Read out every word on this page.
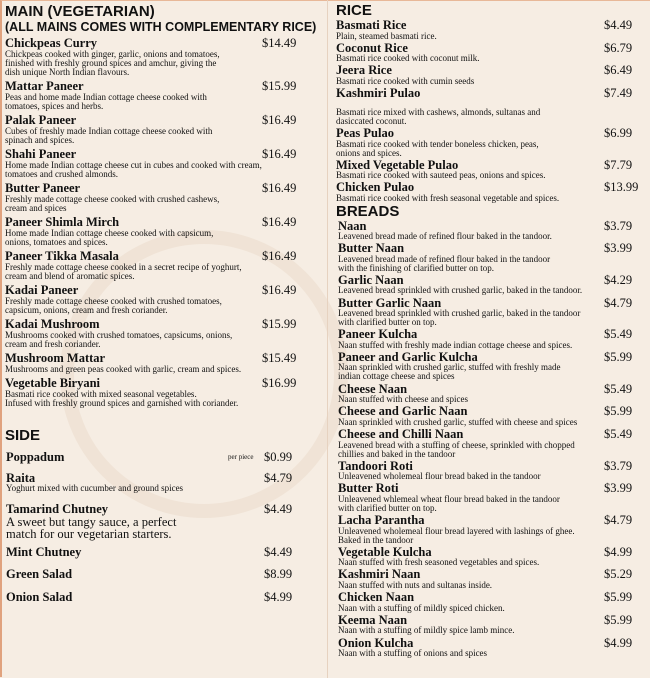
MAIN (VEGETARIAN)
(ALL MAINS COMES WITH COMPLEMENTARY RICE)
Chickpeas Curry
Chickpeas cooked with ginger, garlic, onions and tomatoes,
finished with freshly ground spices and amchur, giving the
dish unique North Indian flavours.
$14.49
Mattar Paneer
Peas and home made Indian cottage cheese cooked with
tomatoes, spices and herbs.
$15.99
Palak Paneer
Cubes of freshly made Indian cottage cheese cooked with
spinach and spices.
$16.49
Shahi Paneer
Home made Indian cottage cheese cut in cubes and cooked with cream,
tomatoes and crushed almonds.
$16.49
Butter Paneer
Freshly made cottage cheese cooked with crushed cashews,
cream and spices
$16.49
Paneer Shimla Mirch
Home made Indian cottage cheese cooked with capsicum,
onions, tomatoes and spices.
$16.49
Paneer Tikka Masala
Freshly made cottage cheese cooked in a secret recipe of yoghurt,
cream and blend of aromatic spices.
$16.49
Kadai Paneer
Freshly made cottage cheese cooked with crushed tomatoes,
capsicum, onions, cream and fresh coriander.
$16.49
Kadai Mushroom
Mushrooms cooked with crushed tomatoes, capsicums, onions,
cream and fresh coriander.
$15.99
Mushroom Mattar
Mushrooms and green peas cooked with garlic, cream and spices.
$15.49
Vegetable Biryani
Basmati rice cooked with mixed seasonal vegetables.
Infused with freshly ground spices and garnished with coriander.
$16.99
SIDE
Poppadum	$0.99
per piece
Raita
Yoghurt mixed with cucumber and ground spices
$4.79
Tamarind Chutney
A sweet but tangy sauce, a perfect
match for our vegetarian starters.
$4.49
Mint Chutney	$4.49
Green Salad	$8.99
Onion Salad	$4.99
RICE
Basmati Rice
Plain, steamed basmati rice.
$4.49
Coconut Rice
Basmati rice cooked with coconut milk.
$6.79
Jeera Rice
Basmati rice cooked with cumin seeds
$6.49
Kashmiri Pulao

Basmati rice mixed with cashews, almonds, sultanas and
dasiccated coconut.
$7.49
Peas Pulao
Basmati rice cooked with tender boneless chicken, peas,
onions and spices.
$6.99
Mixed Vegetable Pulao
Basmati rice cooked with sauteed peas, onions and spices.
$7.79
Chicken Pulao
Basmati rice cooked with fresh seasonal vegetable and spices.
$13.99
BREADS
Naan
Leavened bread made of refined flour baked in the tandoor.
$3.79
Butter Naan
Leavened bread made of refined flour baked in the tandoor
with the finishing of clarified butter on top.
$3.99
Garlic Naan
Leavened bread sprinkled with crushed garlic, baked in the tandoor.
$4.29
Butter Garlic Naan
Leavened bread sprinkled with crushed garlic, baked in the tandoor
with clarified butter on top.
$4.79
Paneer Kulcha
Naan stuffed with freshly made indian cottage cheese and spices.
$5.49
Paneer and Garlic Kulcha
Naan sprinkled with crushed garlic, stuffed with freshly made
indian cottage cheese and spices
$5.99
Cheese Naan
Naan stuffed with cheese and spices
$5.49
Cheese and Garlic Naan
Naan sprinkled with crushed garlic, stuffed with cheese and spices
$5.99
Cheese and Chilli Naan
Leavened bread with a stuffing of cheese, sprinkled with chopped
chillies and baked in the tandoor
$5.49
Tandoori Roti
Unleavened wholemeal flour bread baked in the tandoor
$3.79
Butter Roti
Unleavened whlemeal wheat flour bread baked in the tandoor
with clarified butter on top.
$3.99
Lacha Parantha
Unleavened wholemeal flour bread layered with lashings of ghee.
Baked in the tandoor
$4.79
Vegetable Kulcha
Naan stuffed with fresh seasoned vegetables and spices.
$4.99
Kashmiri Naan
Naan stuffed with nuts and sultanas inside.
$5.29
Chicken Naan
Naan with a stuffing of mildly spiced chicken.
$5.99
Keema Naan
Naan with a stuffing of mildly spice lamb mince.
$5.99
Onion Kulcha
Naan with a stuffing of onions and spices
$4.99
